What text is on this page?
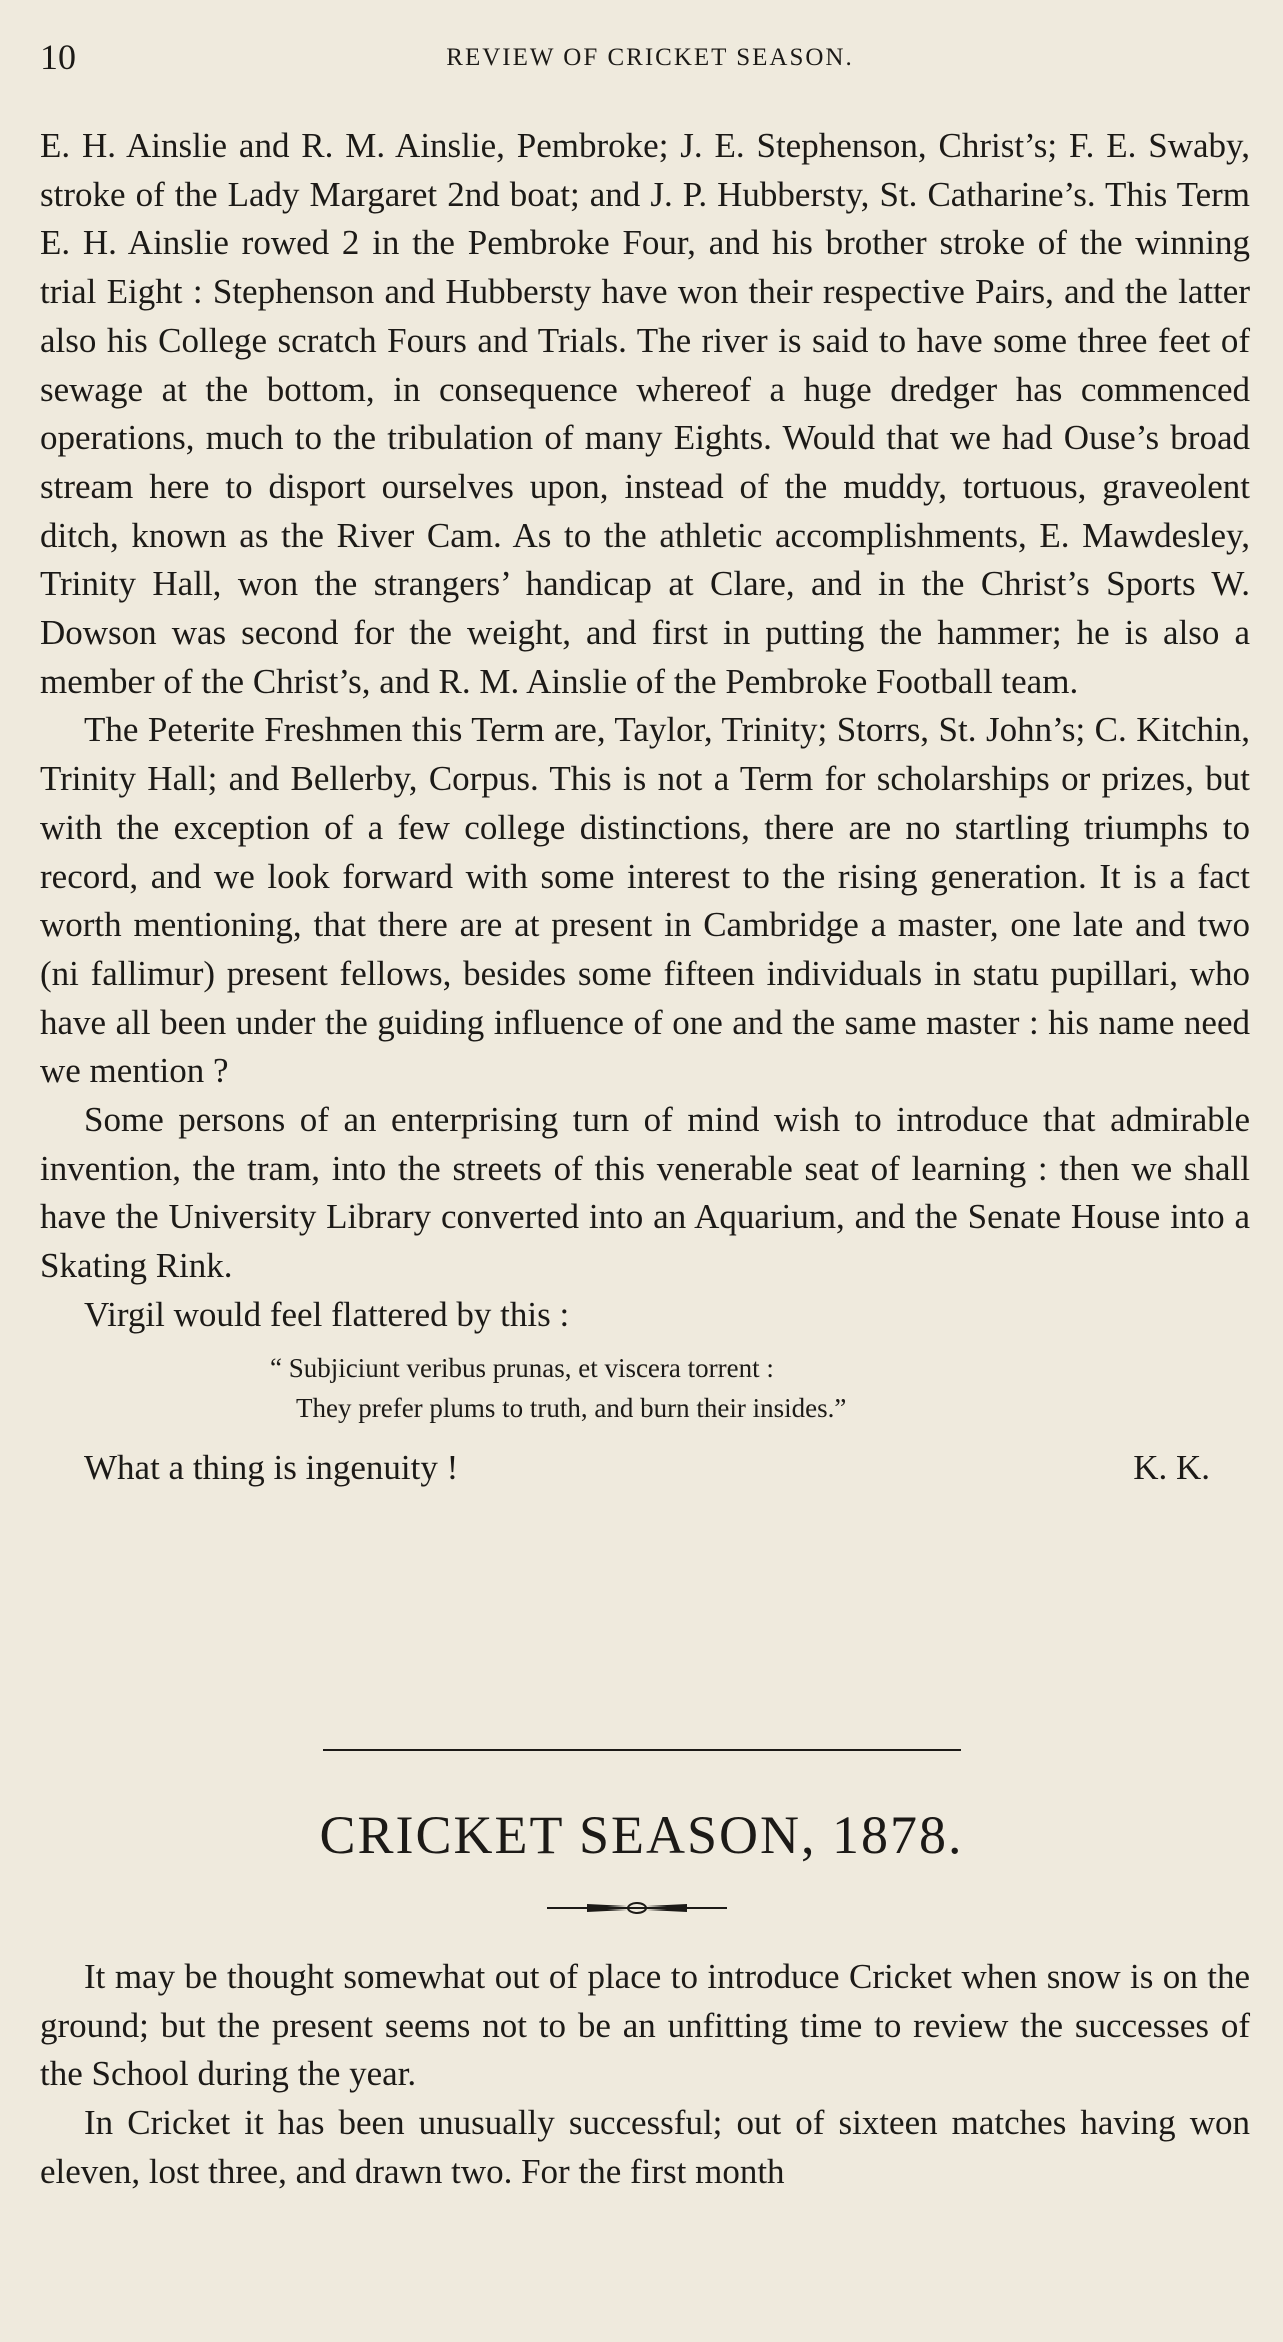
10	REVIEW OF CRICKET SEASON.

E. H. Ainslie and R. M. Ainslie, Pembroke; J. E. Stephenson, Christ’s; F. E. Swaby, stroke of the Lady Margaret 2nd boat; and J. P. Hubbersty, St. Catharine’s. This Term E. H. Ainslie rowed 2 in the Pembroke Four, and his brother stroke of the winning trial Eight : Stephenson and Hubbersty have won their respective Pairs, and the latter also his College scratch Fours and Trials. The river is said to have some three feet of sewage at the bottom, in consequence whereof a huge dredger has commenced operations, much to the tribulation of many Eights. Would that we had Ouse’s broad stream here to disport ourselves upon, instead of the muddy, tortuous, graveolent ditch, known as the River Cam. As to the athletic accomplishments, E. Mawdesley, Trinity Hall, won the strangers’ handicap at Clare, and in the Christ’s Sports W. Dowson was second for the weight, and first in putting the hammer; he is also a member of the Christ’s, and R. M. Ainslie of the Pembroke Football team.

The Peterite Freshmen this Term are, Taylor, Trinity; Storrs, St. John’s; C. Kitchin, Trinity Hall; and Bellerby, Corpus. This is not a Term for scholarships or prizes, but with the exception of a few college distinctions, there are no startling triumphs to record, and we look forward with some interest to the rising generation. It is a fact worth mentioning, that there are at present in Cambridge a master, one late and two (ni fallimur) present fellows, besides some fifteen individuals in statu pupillari, who have all been under the guiding influence of one and the same master : his name need we mention ?

Some persons of an enterprising turn of mind wish to introduce that admirable invention, the tram, into the streets of this venerable seat of learning : then we shall have the University Library converted into an Aquarium, and the Senate House into a Skating Rink.

Virgil would feel flattered by this :

“ Subjiciunt veribus prunas, et viscera torrent :
They prefer plums to truth, and burn their insides.”
What a thing is ingenuity !	K. K.
CRICKET SEASON, 1878.

It may be thought somewhat out of place to introduce Cricket when snow is on the ground; but the present seems not to be an unfitting time to review the successes of the School during the year.

In Cricket it has been unusually successful; out of sixteen matches having won eleven, lost three, and drawn two. For the first month
